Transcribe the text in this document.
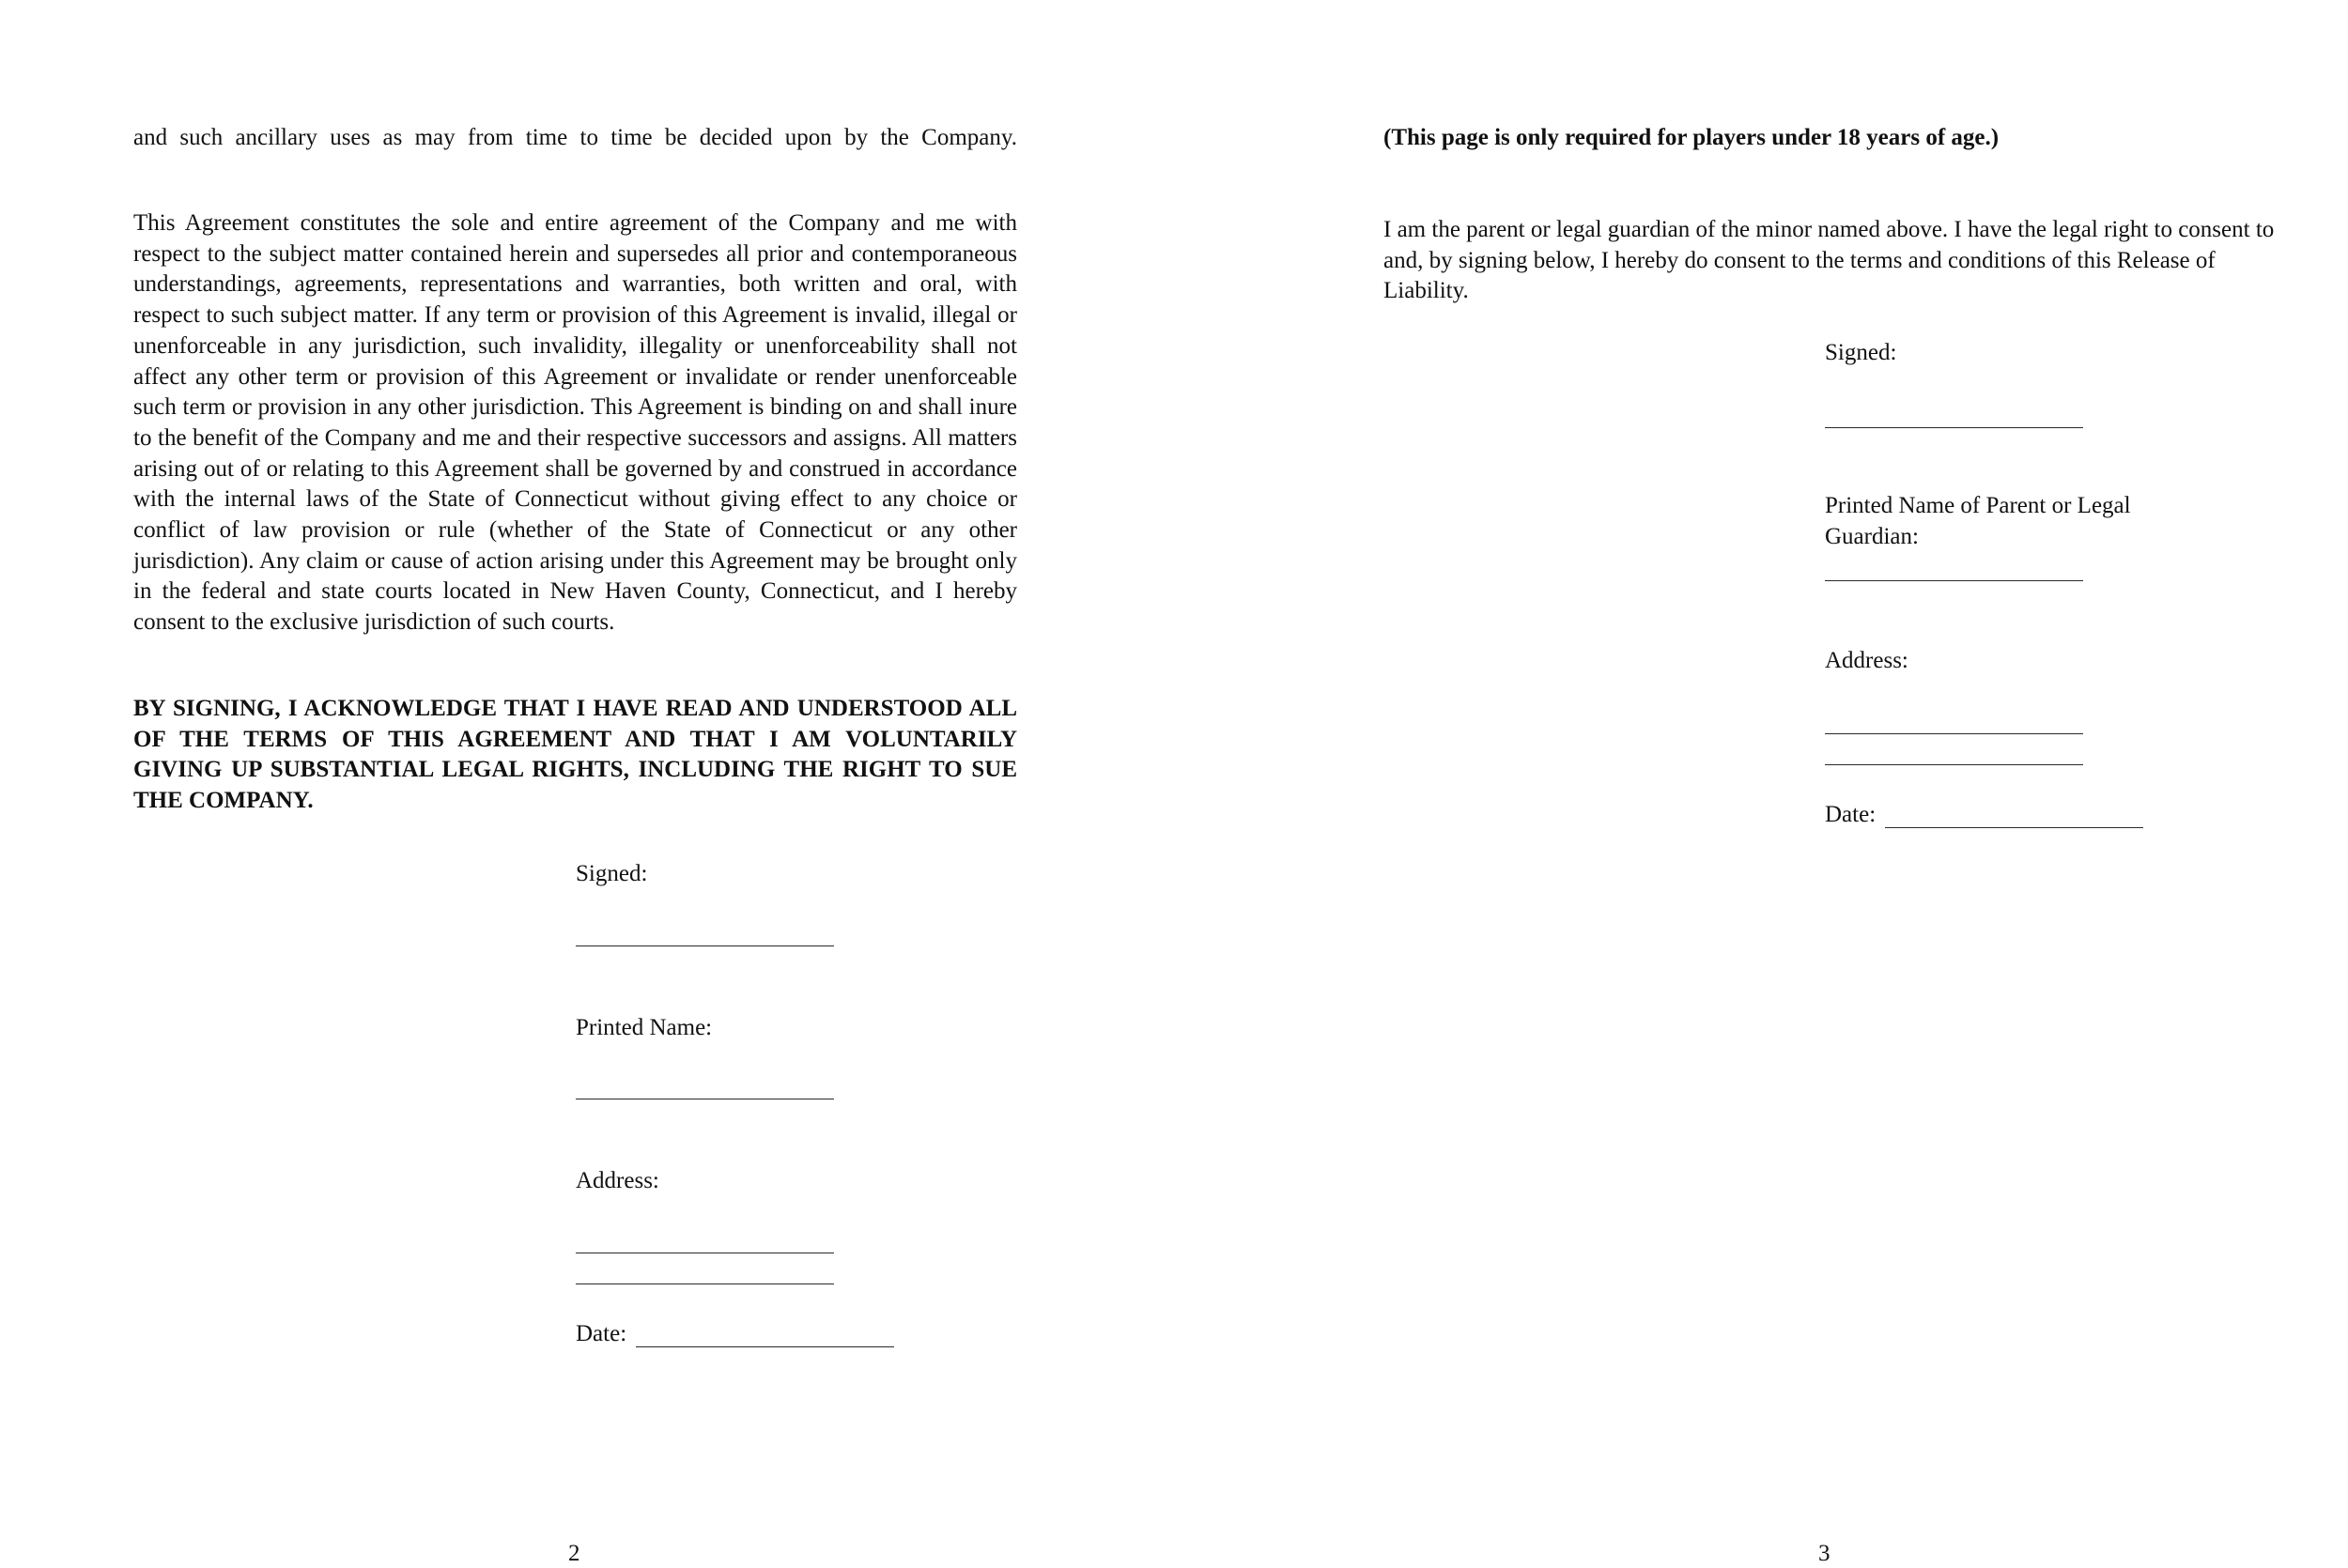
and such ancillary uses as may from time to time be decided upon by the Company.

This Agreement constitutes the sole and entire agreement of the Company and me with respect to the subject matter contained herein and supersedes all prior and contemporaneous understandings, agreements, representations and warranties, both written and oral, with respect to such subject matter. If any term or provision of this Agreement is invalid, illegal or unenforceable in any jurisdiction, such invalidity, illegality or unenforceability shall not affect any other term or provision of this Agreement or invalidate or render unenforceable such term or provision in any other jurisdiction. This Agreement is binding on and shall inure to the benefit of the Company and me and their respective successors and assigns. All matters arising out of or relating to this Agreement shall be governed by and construed in accordance with the internal laws of the State of Connecticut without giving effect to any choice or conflict of law provision or rule (whether of the State of Connecticut or any other jurisdiction). Any claim or cause of action arising under this Agreement may be brought only in the federal and state courts located in New Haven County, Connecticut, and I hereby consent to the exclusive jurisdiction of such courts.

BY SIGNING, I ACKNOWLEDGE THAT I HAVE READ AND UNDERSTOOD ALL OF THE TERMS OF THIS AGREEMENT AND THAT I AM VOLUNTARILY GIVING UP SUBSTANTIAL LEGAL RIGHTS, INCLUDING THE RIGHT TO SUE THE COMPANY.

Signed:

Printed Name:

Address:

Date:

2

(This page is only required for players under 18 years of age.)

I am the parent or legal guardian of the minor named above. I have the legal right to consent to and, by signing below, I hereby do consent to the terms and conditions of this Release of Liability.

Signed:

Printed Name of Parent or Legal Guardian:

Address:

Date:

3
